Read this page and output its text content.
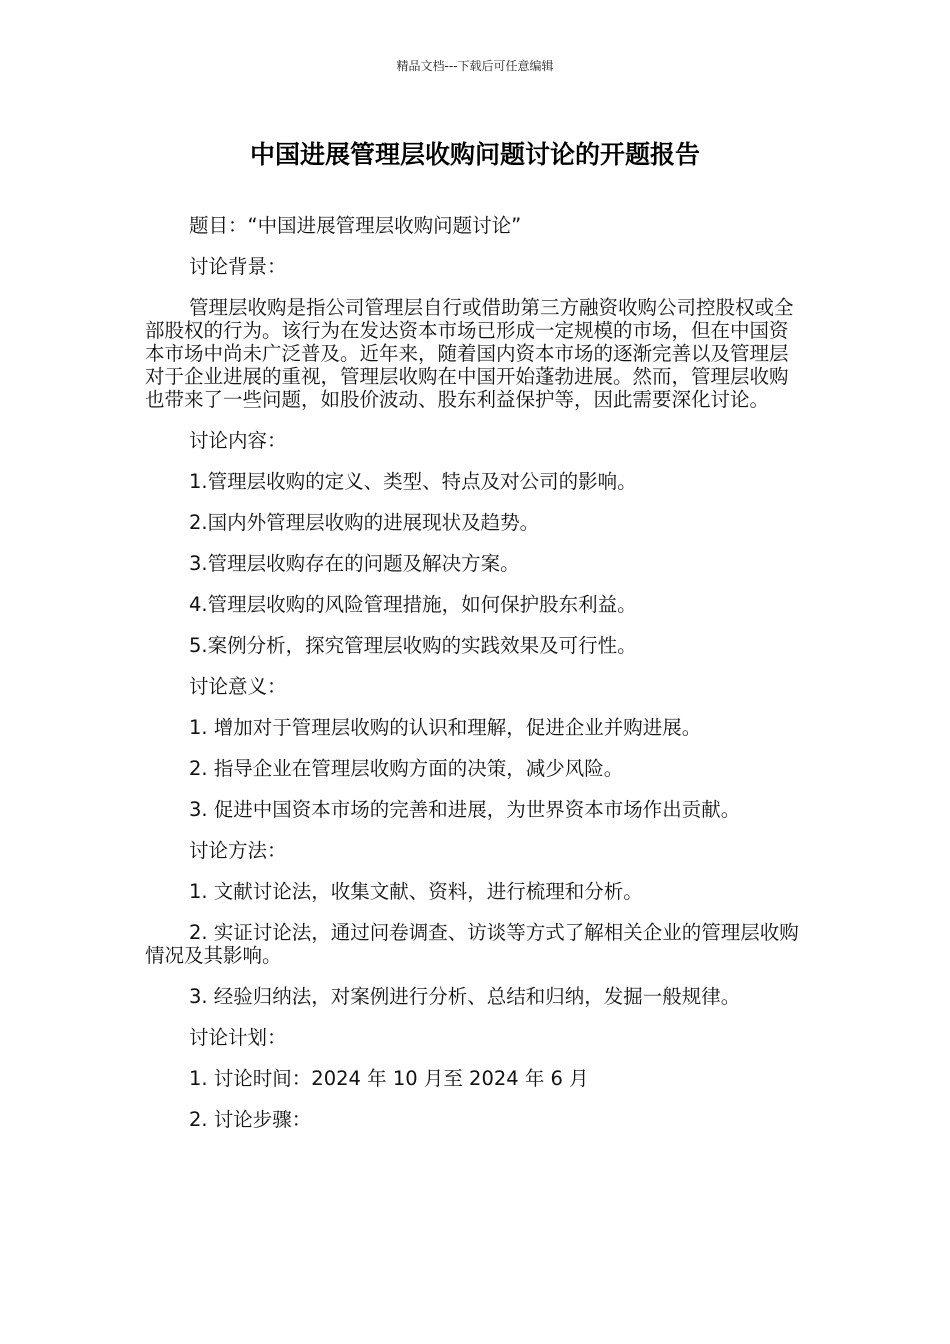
精品文档---下载后可任意编辑
中国进展管理层收购问题讨论的开题报告

题目：“中国进展管理层收购问题讨论”

讨论背景：

管理层收购是指公司管理层自行或借助第三方融资收购公司控股权或全部股权的行为。该行为在发达资本市场已形成一定规模的市场，但在中国资本市场中尚未广泛普及。近年来，随着国内资本市场的逐渐完善以及管理层对于企业进展的重视，管理层收购在中国开始蓬勃进展。然而，管理层收购也带来了一些问题，如股价波动、股东利益保护等，因此需要深化讨论。

讨论内容：

1.管理层收购的定义、类型、特点及对公司的影响。

2.国内外管理层收购的进展现状及趋势。

3.管理层收购存在的问题及解决方案。

4.管理层收购的风险管理措施，如何保护股东利益。

5.案例分析，探究管理层收购的实践效果及可行性。

讨论意义：

1. 增加对于管理层收购的认识和理解，促进企业并购进展。

2. 指导企业在管理层收购方面的决策，减少风险。

3. 促进中国资本市场的完善和进展，为世界资本市场作出贡献。

讨论方法：

1. 文献讨论法，收集文献、资料，进行梳理和分析。

2. 实证讨论法，通过问卷调查、访谈等方式了解相关企业的管理层收购情况及其影响。

3. 经验归纳法，对案例进行分析、总结和归纳，发掘一般规律。

讨论计划：

1. 讨论时间：2024 年 10 月至 2024 年 6 月

2. 讨论步骤：
